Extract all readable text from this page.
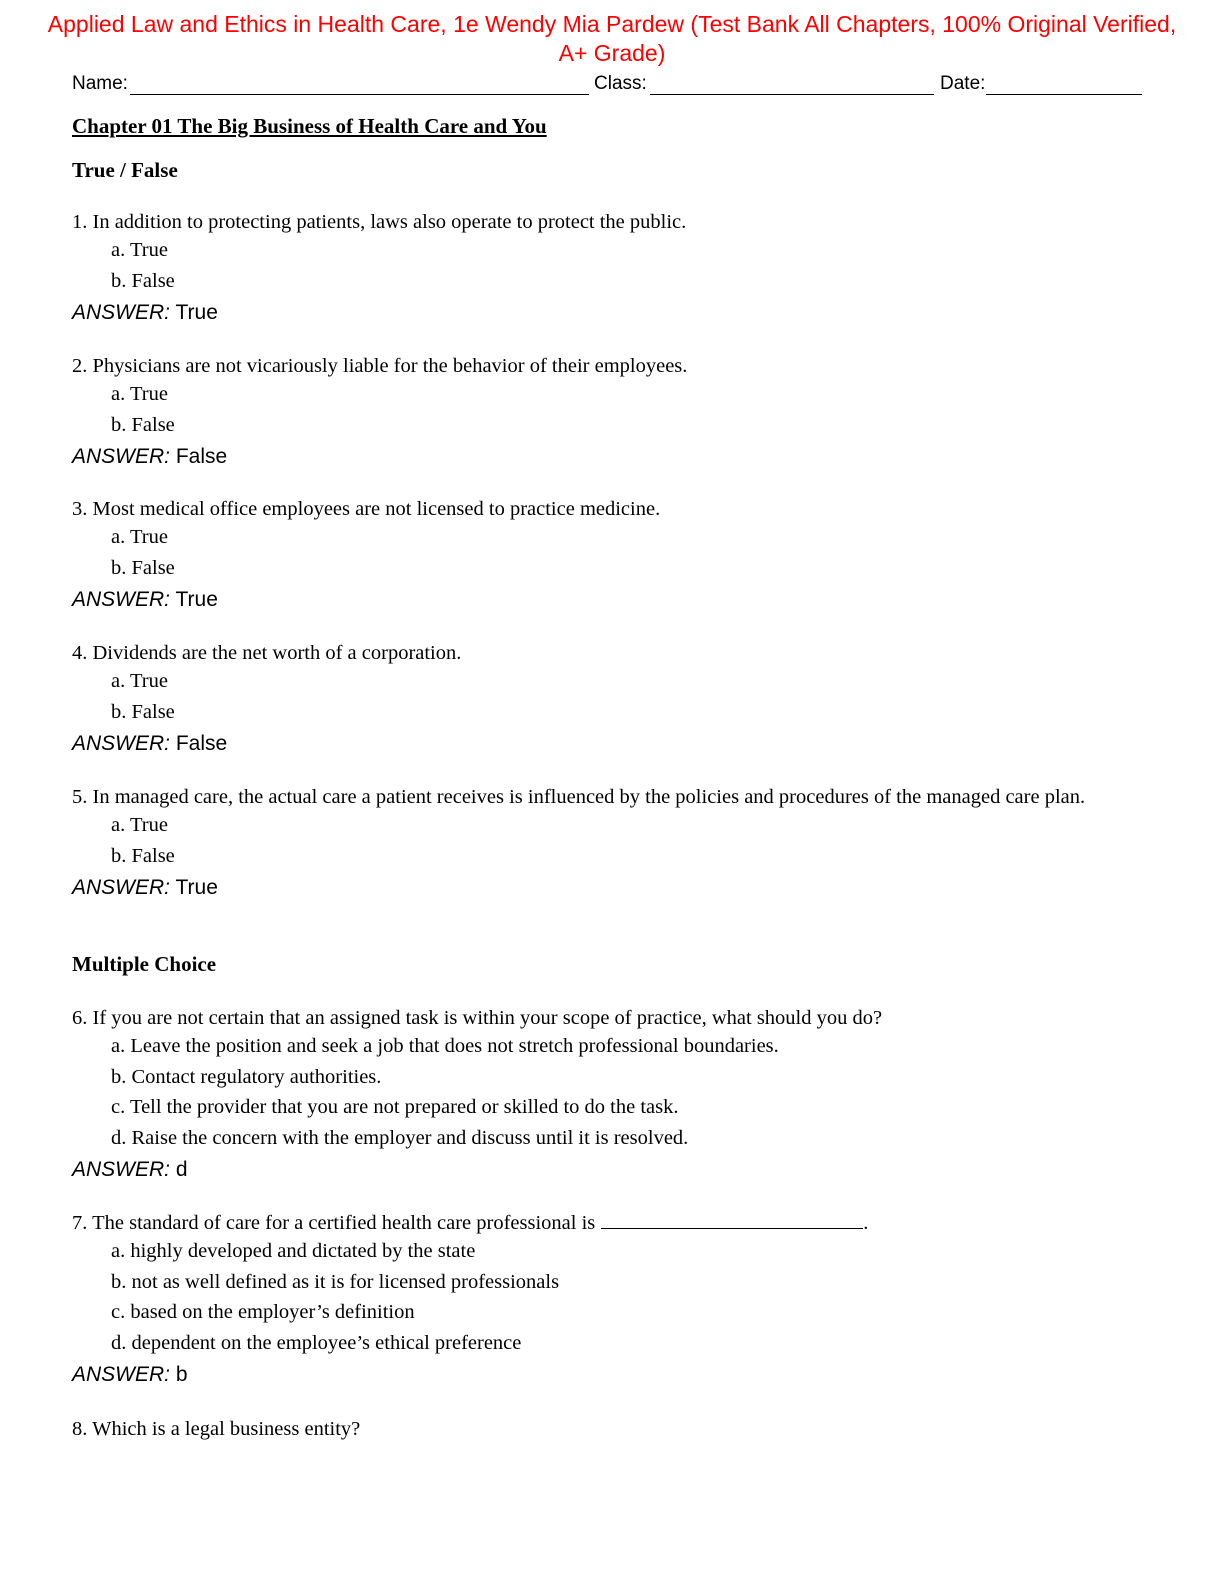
Applied Law and Ethics in Health Care, 1e Wendy Mia Pardew (Test Bank All Chapters, 100% Original Verified, A+ Grade)
Name:	Class:	Date:
Chapter 01 The Big Business of Health Care and You
True / False
1. In addition to protecting patients, laws also operate to protect the public.
a. True
b. False
ANSWER: True
2. Physicians are not vicariously liable for the behavior of their employees.
a. True
b. False
ANSWER: False
3. Most medical office employees are not licensed to practice medicine.
a. True
b. False
ANSWER: True
4. Dividends are the net worth of a corporation.
a. True
b. False
ANSWER: False
5. In managed care, the actual care a patient receives is influenced by the policies and procedures of the managed care plan.
a. True
b. False
ANSWER: True
Multiple Choice
6. If you are not certain that an assigned task is within your scope of practice, what should you do?
a. Leave the position and seek a job that does not stretch professional boundaries.
b. Contact regulatory authorities.
c. Tell the provider that you are not prepared or skilled to do the task.
d. Raise the concern with the employer and discuss until it is resolved.
ANSWER: d
7. The standard of care for a certified health care professional is	.
a. highly developed and dictated by the state
b. not as well defined as it is for licensed professionals
c. based on the employer’s definition
d. dependent on the employee’s ethical preference
ANSWER: b
8. Which is a legal business entity?
